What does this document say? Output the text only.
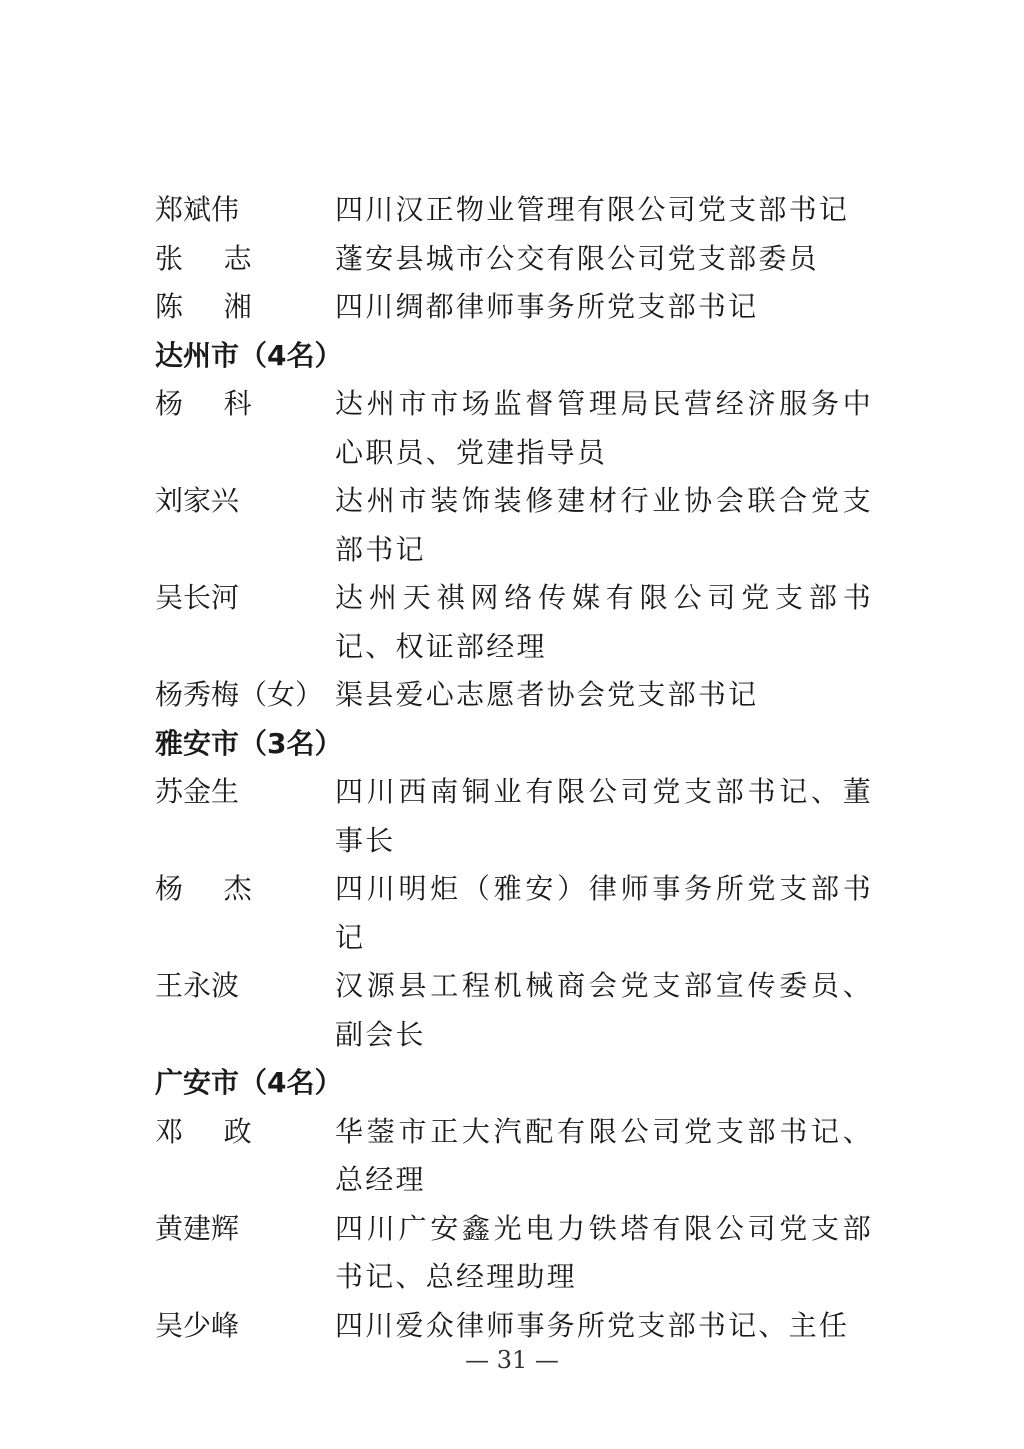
郑斌伟	四川汉正物业管理有限公司党支部书记
张志	蓬安县城市公交有限公司党支部委员
陈湘	四川绸都律师事务所党支部书记
达州市（4名）
杨科	达州市市场监督管理局民营经济服务中心职员、党建指导员
刘家兴	达州市装饰装修建材行业协会联合党支部书记
吴长河	达州天祺网络传媒有限公司党支部书记、权证部经理
杨秀梅（女） 渠县爱心志愿者协会党支部书记
雅安市（3名）
苏金生	四川西南铜业有限公司党支部书记、董事长
杨杰	四川明炬（雅安）律师事务所党支部书记
王永波	汉源县工程机械商会党支部宣传委员、副会长
广安市（4名）
邓政	华蓥市正大汽配有限公司党支部书记、总经理
黄建辉	四川广安鑫光电力铁塔有限公司党支部书记、总经理助理
吴少峰	四川爱众律师事务所党支部书记、主任
— 31 —
